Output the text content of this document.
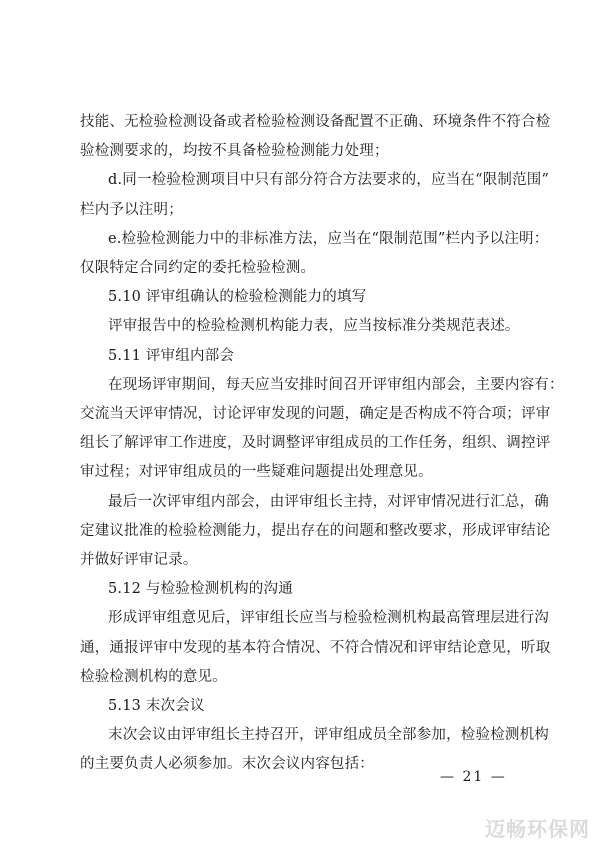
技能、无检验检测设备或者检验检测设备配置不正确、环境条件不符合检
验检测要求的，均按不具备检验检测能力处理；
d.同一检验检测项目中只有部分符合方法要求的，应当在“限制范围”
栏内予以注明；
e.检验检测能力中的非标准方法，应当在“限制范围”栏内予以注明：
仅限特定合同约定的委托检验检测。
5.10 评审组确认的检验检测能力的填写
评审报告中的检验检测机构能力表，应当按标准分类规范表述。
5.11 评审组内部会
在现场评审期间，每天应当安排时间召开评审组内部会，主要内容有：
交流当天评审情况，讨论评审发现的问题，确定是否构成不符合项；评审
组长了解评审工作进度，及时调整评审组成员的工作任务，组织、调控评
审过程；对评审组成员的一些疑难问题提出处理意见。
最后一次评审组内部会，由评审组长主持，对评审情况进行汇总，确
定建议批准的检验检测能力，提出存在的问题和整改要求，形成评审结论
并做好评审记录。
5.12 与检验检测机构的沟通
形成评审组意见后，评审组长应当与检验检测机构最高管理层进行沟
通，通报评审中发现的基本符合情况、不符合情况和评审结论意见，听取
检验检测机构的意见。
5.13 末次会议
末次会议由评审组长主持召开，评审组成员全部参加，检验检测机构
的主要负责人必须参加。末次会议内容包括：
— 21 —
迈畅环保网
